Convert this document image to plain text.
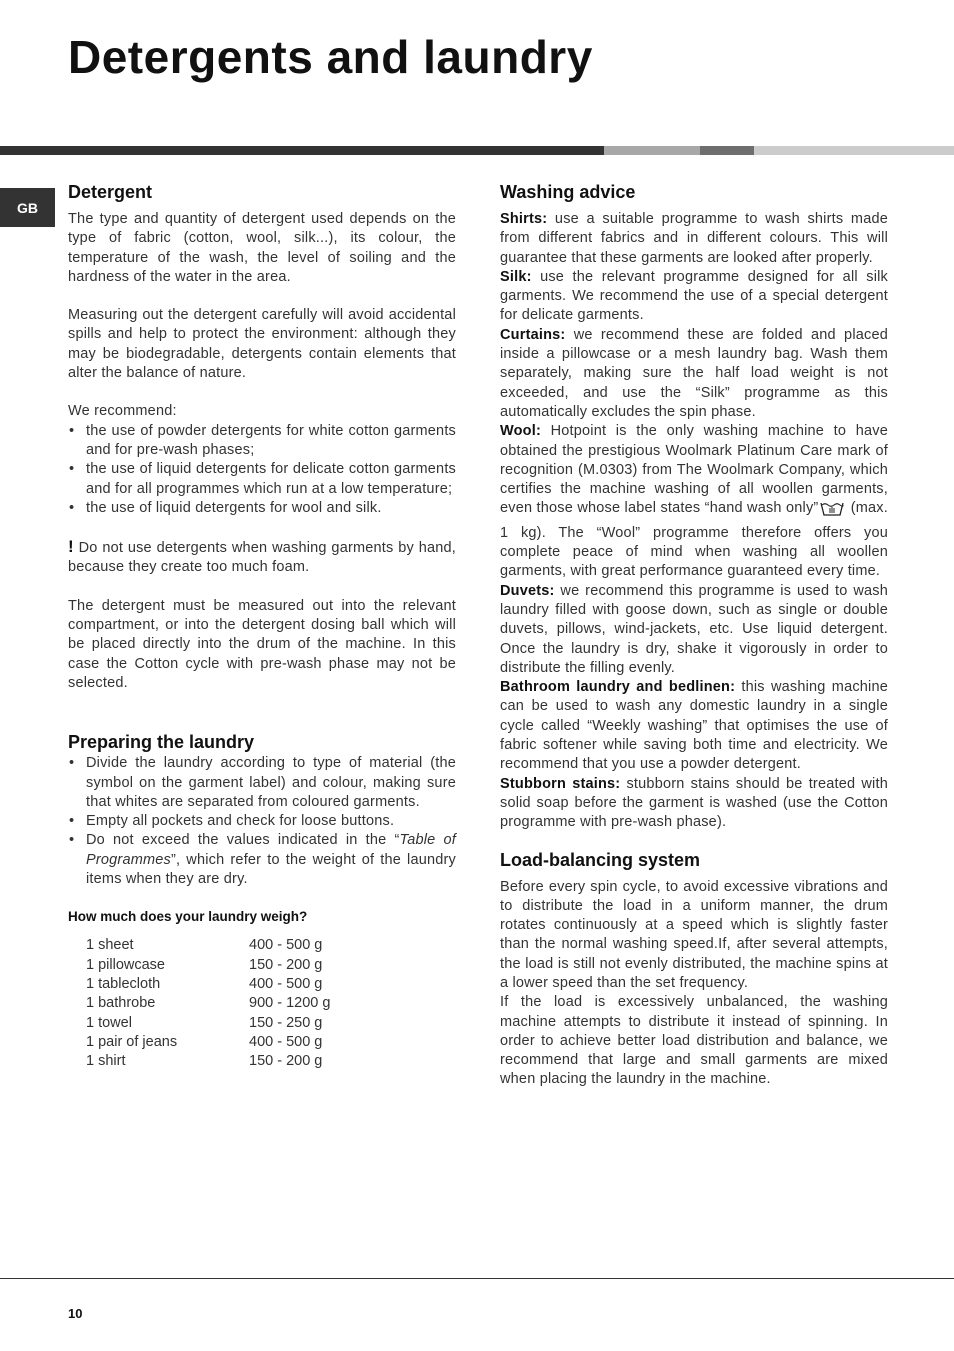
Detergents and laundry
GB
Detergent

The type and quantity of detergent used depends on the type of fabric (cotton, wool, silk...), its colour, the temperature of the wash, the level of soiling and the hardness of the water in the area.

Measuring out the detergent carefully will avoid accidental spills and help to protect the environment: although they may be biodegradable, detergents contain elements that alter the balance of nature.

We recommend:

• the use of powder detergents for white cotton garments and for pre-wash phases;
• the use of liquid detergents for delicate cotton garments and for all programmes which run at a low temperature;
• the use of liquid detergents for wool and silk.

! Do not use detergents when washing garments by hand, because they create too much foam.

The detergent must be measured out into the relevant compartment, or into the detergent dosing ball which will be placed directly into the drum of the machine. In this case the Cotton cycle with pre-wash phase may not be selected.

Preparing the laundry
• Divide the laundry according to type of material (the symbol on the garment label) and colour, making sure that whites are separated from coloured garments.
• Empty all pockets and check for loose buttons.
• Do not exceed the values indicated in the “Table of Programmes”, which refer to the weight of the laundry items when they are dry.
How much does your laundry weigh?
1 sheet	400 - 500 g
1 pillowcase	150 - 200 g
1 tablecloth	400 - 500 g
1 bathrobe	900 - 1200 g
1 towel	150 - 250 g
1 pair of jeans	400 - 500 g
1 shirt	150 - 200 g
Washing advice

Shirts: use a suitable programme to wash shirts made from different fabrics and in different colours. This will guarantee that these garments are looked after properly.

Silk: use the relevant programme designed for all silk garments. We recommend the use of a special detergent for delicate garments.

Curtains: we recommend these are folded and placed inside a pillowcase or a mesh laundry bag. Wash them separately, making sure the half load weight is not exceeded, and use the “Silk” programme as this automatically excludes the spin phase.

Wool: Hotpoint is the only washing machine to have obtained the prestigious Woolmark Platinum Care mark of recognition (M.0303) from The Woolmark Company, which certifies the machine washing of all woollen garments, even those whose label states “hand wash only” (max. 1 kg). The “Wool” programme therefore offers you complete peace of mind when washing all woollen garments, with great performance guaranteed every time.

Duvets: we recommend this programme is used to wash laundry filled with goose down, such as single or double duvets, pillows, wind-jackets, etc. Use liquid detergent. Once the laundry is dry, shake it vigorously in order to distribute the filling evenly.

Bathroom laundry and bedlinen: this washing machine can be used to wash any domestic laundry in a single cycle called “Weekly washing” that optimises the use of fabric softener while saving both time and electricity. We recommend that you use a powder detergent.

Stubborn stains: stubborn stains should be treated with solid soap before the garment is washed (use the Cotton programme with pre-wash phase).

Load-balancing system

Before every spin cycle, to avoid excessive vibrations and to distribute the load in a uniform manner, the drum rotates continuously at a speed which is slightly faster than the normal washing speed.If, after several attempts, the load is still not evenly distributed, the machine spins at a lower speed than the set frequency.

If the load is excessively unbalanced, the washing machine attempts to distribute it instead of spinning. In order to achieve better load distribution and balance, we recommend that large and small garments are mixed when placing the laundry in the machine.

10
